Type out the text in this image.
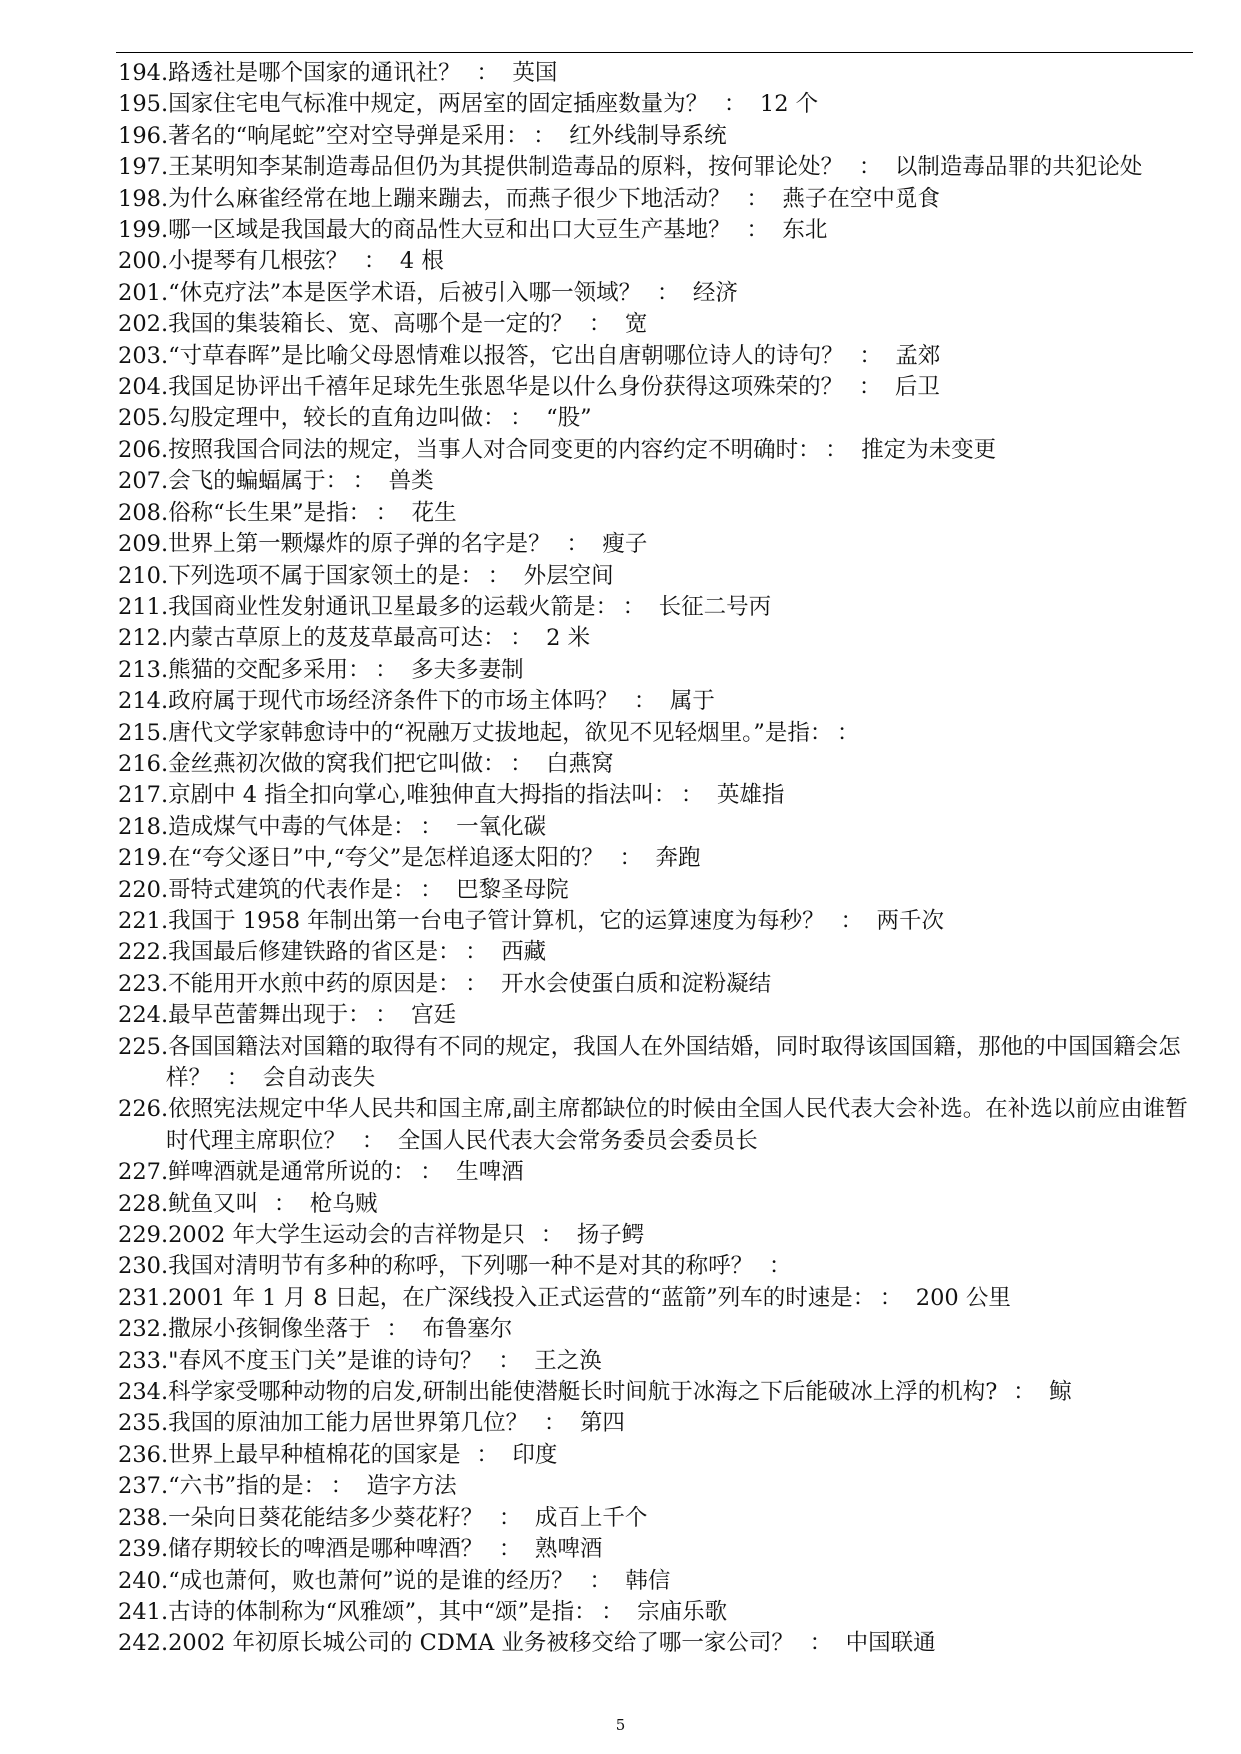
194.路透社是哪个国家的通讯社？ ： 英国
195.国家住宅电气标准中规定，两居室的固定插座数量为？ ： 12 个
196.著名的“响尾蛇”空对空导弹是采用： ： 红外线制导系统
197.王某明知李某制造毒品但仍为其提供制造毒品的原料，按何罪论处？ ： 以制造毒品罪的共犯论处
198.为什么麻雀经常在地上蹦来蹦去，而燕子很少下地活动？ ： 燕子在空中觅食
199.哪一区域是我国最大的商品性大豆和出口大豆生产基地？ ： 东北
200.小提琴有几根弦？ ： 4 根
201.“休克疗法”本是医学术语，后被引入哪一领域？ ： 经济
202.我国的集装箱长、宽、高哪个是一定的？ ： 宽
203.“寸草春晖”是比喻父母恩情难以报答，它出自唐朝哪位诗人的诗句？ ： 孟郊
204.我国足协评出千禧年足球先生张恩华是以什么身份获得这项殊荣的？ ： 后卫
205.勾股定理中，较长的直角边叫做： ： “股”
206.按照我国合同法的规定，当事人对合同变更的内容约定不明确时： ： 推定为未变更
207.会飞的蝙蝠属于： ： 兽类
208.俗称“长生果”是指： ： 花生
209.世界上第一颗爆炸的原子弹的名字是？ ： 瘦子
210.下列选项不属于国家领土的是： ： 外层空间
211.我国商业性发射通讯卫星最多的运载火箭是： ： 长征二号丙
212.内蒙古草原上的芨芨草最高可达： ： 2 米
213.熊猫的交配多采用： ： 多夫多妻制
214.政府属于现代市场经济条件下的市场主体吗？ ： 属于
215.唐代文学家韩愈诗中的“祝融万丈拔地起，欲见不见轻烟里。”是指： ：
216.金丝燕初次做的窝我们把它叫做： ： 白燕窝
217.京剧中 4 指全扣向掌心,唯独伸直大拇指的指法叫： ： 英雄指
218.造成煤气中毒的气体是： ： 一氧化碳
219.在“夸父逐日”中,“夸父”是怎样追逐太阳的？ ： 奔跑
220.哥特式建筑的代表作是： ： 巴黎圣母院
221.我国于 1958 年制出第一台电子管计算机，它的运算速度为每秒？ ： 两千次
222.我国最后修建铁路的省区是： ： 西藏
223.不能用开水煎中药的原因是： ： 开水会使蛋白质和淀粉凝结
224.最早芭蕾舞出现于： ： 宫廷
225.各国国籍法对国籍的取得有不同的规定，我国人在外国结婚，同时取得该国国籍，那他的中国国籍会怎样？ ： 会自动丧失
226.依照宪法规定中华人民共和国主席,副主席都缺位的时候由全国人民代表大会补选。在补选以前应由谁暂时代理主席职位？ ： 全国人民代表大会常务委员会委员长
227.鲜啤酒就是通常所说的： ： 生啤酒
228.鱿鱼又叫 ： 枪乌贼
229.2002 年大学生运动会的吉祥物是只 ： 扬子鳄
230.我国对清明节有多种的称呼，下列哪一种不是对其的称呼？ ：
231.2001 年 1 月 8 日起，在广深线投入正式运营的“蓝箭”列车的时速是： ： 200 公里
232.撒尿小孩铜像坐落于 ： 布鲁塞尔
233."春风不度玉门关”是谁的诗句？ ： 王之涣
234.科学家受哪种动物的启发,研制出能使潜艇长时间航于冰海之下后能破冰上浮的机构? ： 鲸
235.我国的原油加工能力居世界第几位？ ： 第四
236.世界上最早种植棉花的国家是 ： 印度
237.“六书”指的是： ： 造字方法
238.一朵向日葵花能结多少葵花籽？ ： 成百上千个
239.储存期较长的啤酒是哪种啤酒？ ： 熟啤酒
240.“成也萧何，败也萧何”说的是谁的经历？ ： 韩信
241.古诗的体制称为“风雅颂”，其中“颂”是指： ： 宗庙乐歌
242.2002 年初原长城公司的 CDMA 业务被移交给了哪一家公司？ ： 中国联通
5
